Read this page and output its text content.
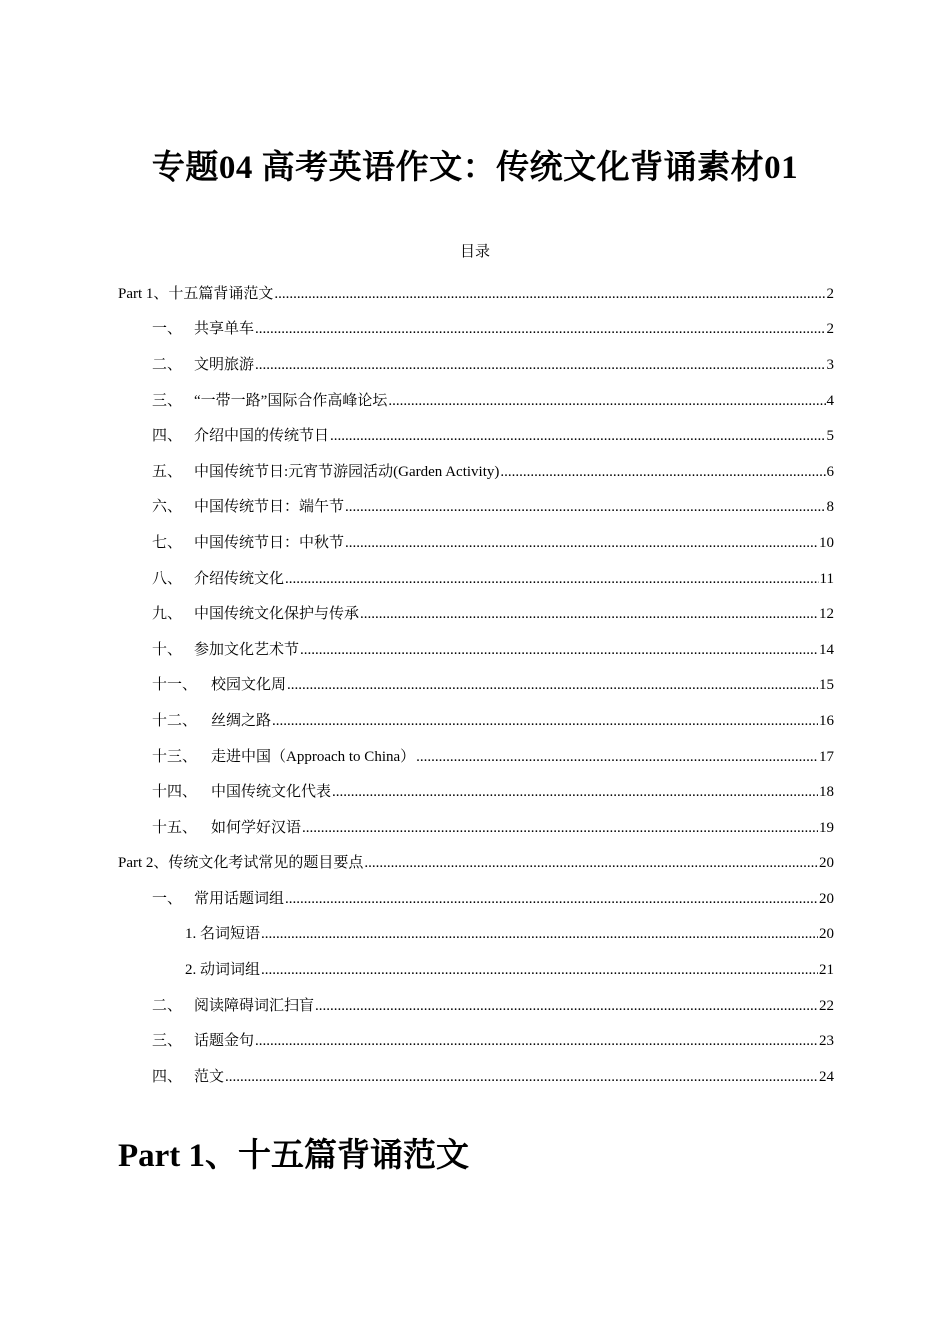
专题04 高考英语作文：传统文化背诵素材01
目录
Part 1、十五篇背诵范文 .....	2
一、 共享单车 .....	2
二、 文明旅游 .....	3
三、 “一带一路”国际合作高峰论坛 .....	4
四、 介绍中国的传统节日 .....	5
五、 中国传统节日:元宵节游园活动(Garden Activity) .....	6
六、 中国传统节日：端午节 .....	8
七、 中国传统节日：中秋节 .....	10
八、 介绍传统文化 .....	11
九、 中国传统文化保护与传承 .....	12
十、 参加文化艺术节 .....	14
十一、 校园文化周 .....	15
十二、 丝绸之路 .....	16
十三、 走进中国（Approach to China） .....	17
十四、 中国传统文化代表 .....	18
十五、 如何学好汉语 .....	19
Part 2、传统文化考试常见的题目要点 .....	20
一、 常用话题词组 .....	20
1. 名词短语 .....	20
2. 动词词组 .....	21
二、 阅读障碍词汇扫盲 .....	22
三、 话题金句 .....	23
四、 范文 .....	24
Part 1、十五篇背诵范文
